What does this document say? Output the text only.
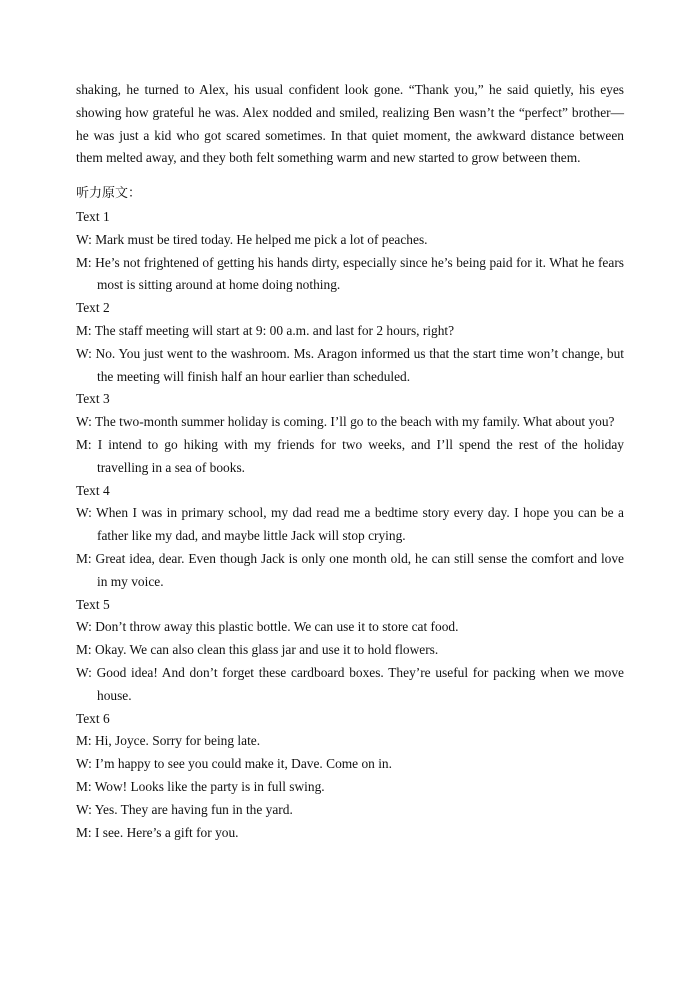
shaking, he turned to Alex, his usual confident look gone. “Thank you,” he said quietly, his eyes showing how grateful he was. Alex nodded and smiled, realizing Ben wasn’t the “perfect” brother—he was just a kid who got scared sometimes. In that quiet moment, the awkward distance between them melted away, and they both felt something warm and new started to grow between them.

听力原文：

Text 1

W: Mark must be tired today. He helped me pick a lot of peaches.

M: He’s not frightened of getting his hands dirty, especially since he’s being paid for it. What he fears most is sitting around at home doing nothing.

Text 2

M: The staff meeting will start at 9: 00 a.m. and last for 2 hours, right?

W: No. You just went to the washroom. Ms. Aragon informed us that the start time won’t change, but the meeting will finish half an hour earlier than scheduled.

Text 3

W: The two-month summer holiday is coming. I’ll go to the beach with my family. What about you?

M: I intend to go hiking with my friends for two weeks, and I’ll spend the rest of the holiday travelling in a sea of books.

Text 4

W: When I was in primary school, my dad read me a bedtime story every day. I hope you can be a father like my dad, and maybe little Jack will stop crying.

M: Great idea, dear. Even though Jack is only one month old, he can still sense the comfort and love in my voice.

Text 5

W: Don’t throw away this plastic bottle. We can use it to store cat food.

M: Okay. We can also clean this glass jar and use it to hold flowers.

W: Good idea! And don’t forget these cardboard boxes. They’re useful for packing when we move house.

Text 6

M: Hi, Joyce. Sorry for being late.

W: I’m happy to see you could make it, Dave. Come on in.

M: Wow! Looks like the party is in full swing.

W: Yes. They are having fun in the yard.

M: I see. Here’s a gift for you.
